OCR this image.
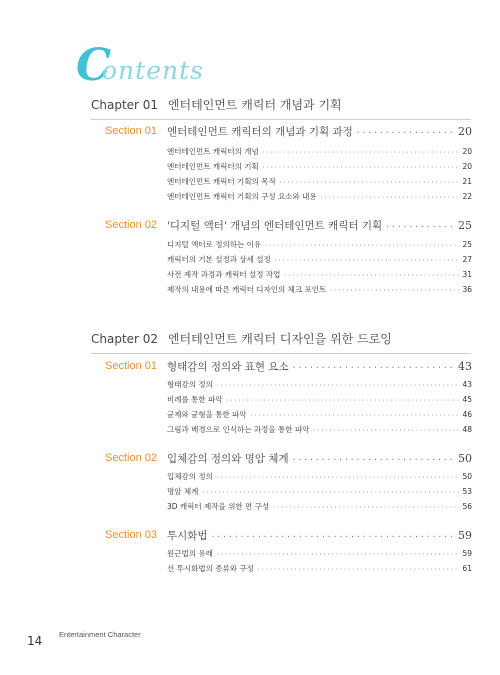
C
ontents
Chapter 01 엔터테인먼트 캐릭터 개념과 기획
Section 01 엔터테인먼트 캐릭터의 개념과 기획 과정 ·····	20
엔터테인먼트 캐릭터의 개념 ·····	20
엔터테인먼트 캐릭터의 기획 ·····	20
엔터테인먼트 캐릭터 기획의 목적 ·····	21
엔터테인먼트 캐릭터 기획의 구성 요소와 내용 ·····	22
Section 02 '디지털 액터' 개념의 엔터테인먼트 캐릭터 기획 ·····	25
디지털 액터로 정의하는 이유 ·····	25
캐릭터의 기본 설정과 상세 설정 ·····	27
사전 제작 과정과 캐릭터 설정 작업 ·····	31
제작의 내용에 따른 캐릭터 디자인의 체크 포인트 ·····	36
Chapter 02 엔터테인먼트 캐릭터 디자인을 위한 드로잉
Section 01 형태감의 정의와 표현 요소 ·····	43
형태감의 정의 ·····	43
비례를 통한 파악 ·····	45
균제와 균형을 통한 파악 ·····	46
그림과 배경으로 인식하는 과정을 통한 파악 ·····	48
Section 02 입체감의 정의와 명암 체계 ·····	50
입체감의 정의 ·····	50
명암 체계 ·····	53
3D 캐릭터 제작을 위한 면 구성 ·····	56
Section 03 투시화법 ·····	59
원근법의 유래 ·····	59
선 투시화법의 종류와 구성 ·····	61
14 Entertainment Character
